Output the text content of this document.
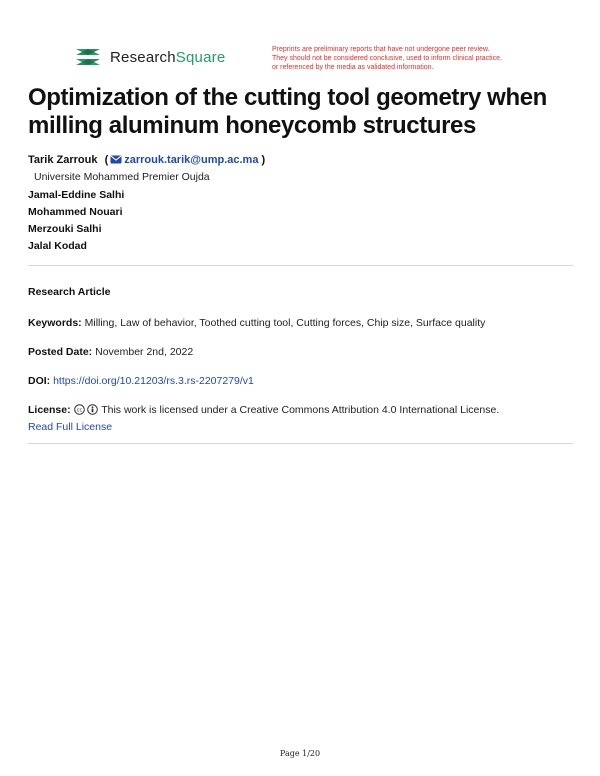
ResearchSquare	Preprints are preliminary reports that have not undergone peer review.
They should not be considered conclusive, used to inform clinical practice,
or referenced by the media as validated information.
Optimization of the cutting tool geometry when milling aluminum honeycomb structures
Tarik Zarrouk ( zarrouk.tarik@ump.ac.ma )
Universite Mohammed Premier Oujda
Jamal-Eddine Salhi
Mohammed Nouari
Merzouki Salhi
Jalal Kodad
Research Article
Keywords: Milling, Law of behavior, Toothed cutting tool, Cutting forces, Chip size, Surface quality
Posted Date: November 2nd, 2022
DOI: https://doi.org/10.21203/rs.3.rs-2207279/v1
License: cc This work is licensed under a Creative Commons Attribution 4.0 International License.
Read Full License
Page 1/20
